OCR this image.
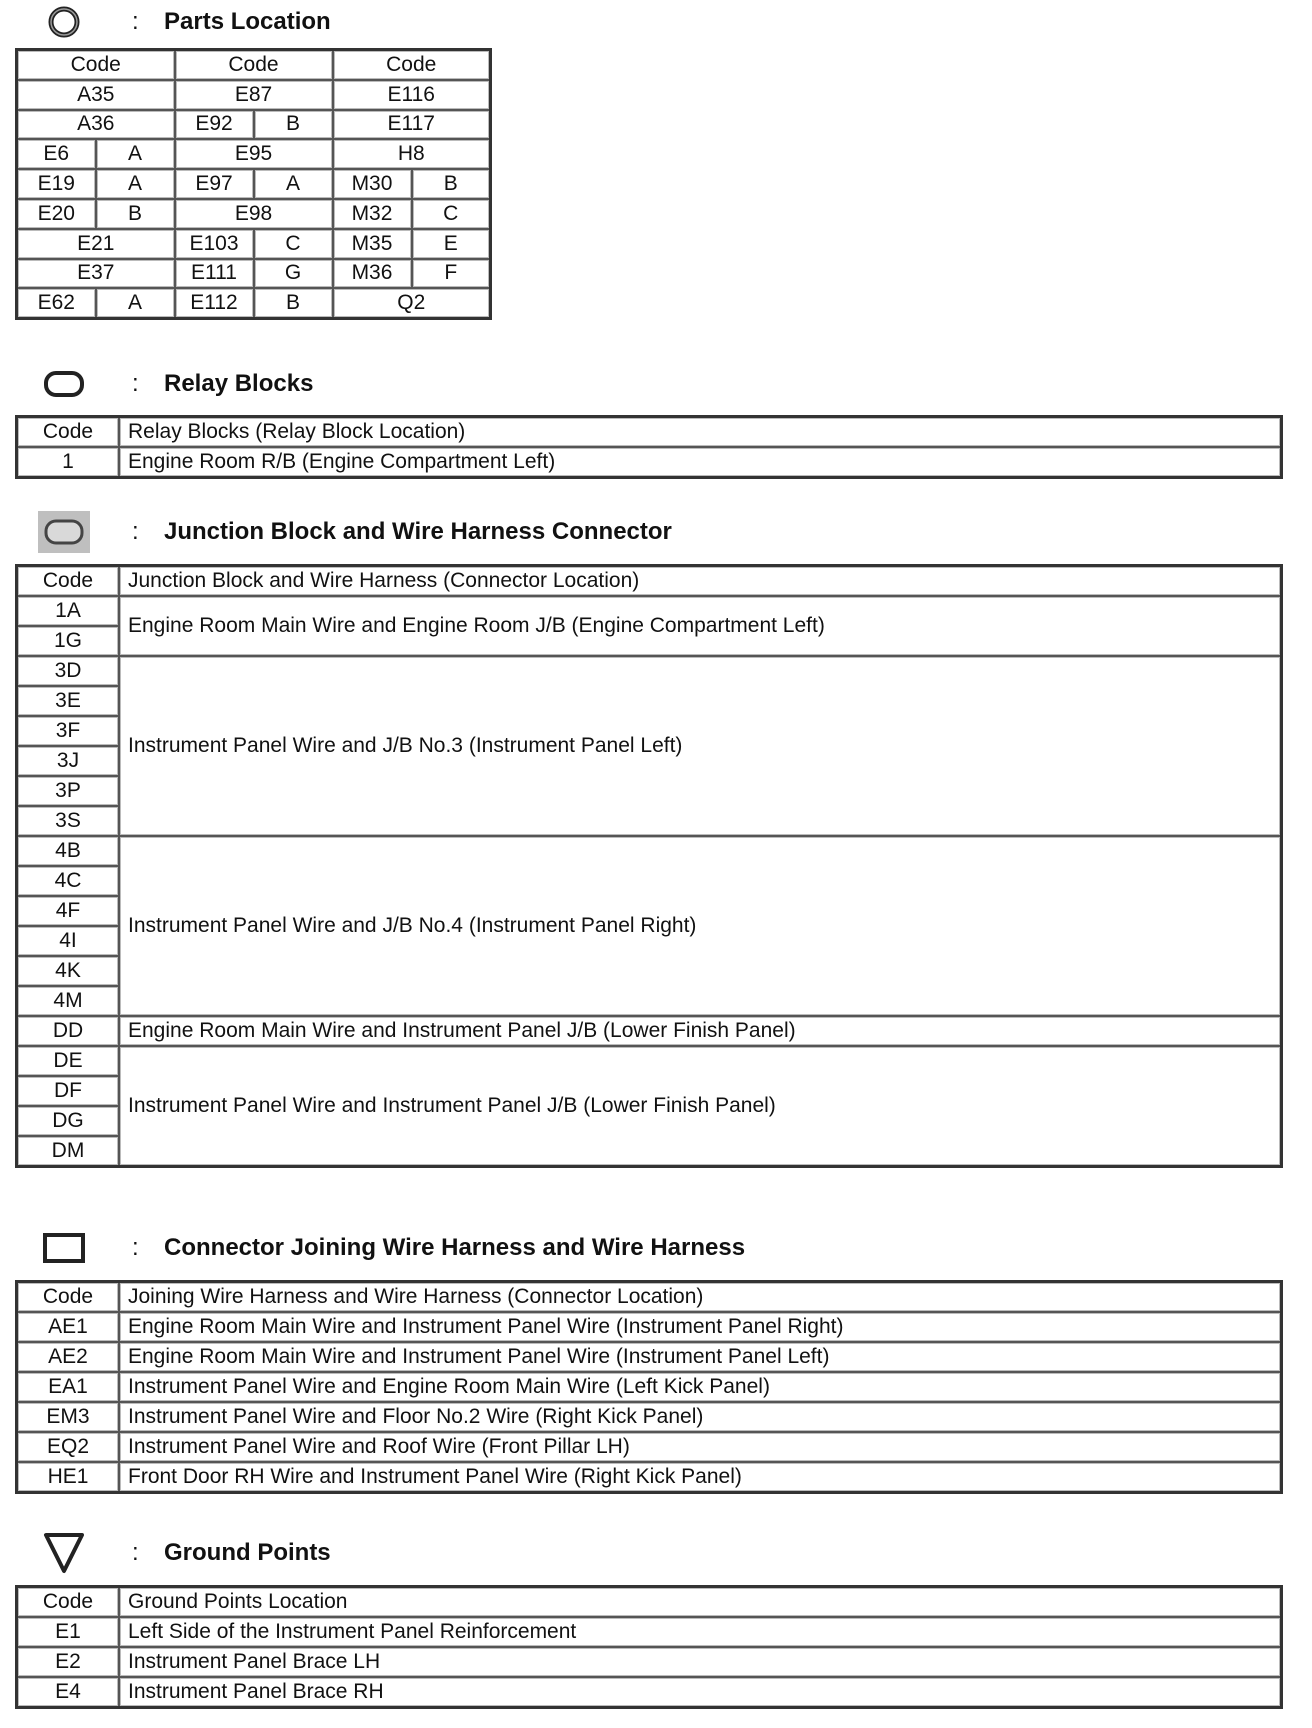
:	Parts Location
Code		Code		Code	
A35		E87		E116	
A36		E92	B	E117	
E6	A	E95		H8	
E19	A	E97	A	M30	B
E20	B	E98		M32	C
E21		E103	C	M35	E
E37		E111	G	M36	F
E62	A	E112	B	Q2	
:	Relay Blocks
Code	Relay Blocks (Relay Block Location)
1	Engine Room R/B (Engine Compartment Left)
:	Junction Block and Wire Harness Connector
Code	Junction Block and Wire Harness (Connector Location)
1A	Engine Room Main Wire and Engine Room J/B (Engine Compartment Left)
1G	
3D	Instrument Panel Wire and J/B No.3 (Instrument Panel Left)
3E	
3F	
3J	
3P	
3S	
4B	Instrument Panel Wire and J/B No.4 (Instrument Panel Right)
4C	
4F	
4I	
4K	
4M	
DD	Engine Room Main Wire and Instrument Panel J/B (Lower Finish Panel)
DE	Instrument Panel Wire and Instrument Panel J/B (Lower Finish Panel)
DF	
DG	
DM	
:	Connector Joining Wire Harness and Wire Harness
Code	Joining Wire Harness and Wire Harness (Connector Location)
AE1	Engine Room Main Wire and Instrument Panel Wire (Instrument Panel Right)
AE2	Engine Room Main Wire and Instrument Panel Wire (Instrument Panel Left)
EA1	Instrument Panel Wire and Engine Room Main Wire (Left Kick Panel)
EM3	Instrument Panel Wire and Floor No.2 Wire (Right Kick Panel)
EQ2	Instrument Panel Wire and Roof Wire (Front Pillar LH)
HE1	Front Door RH Wire and Instrument Panel Wire (Right Kick Panel)
:	Ground Points
Code	Ground Points Location
E1	Left Side of the Instrument Panel Reinforcement
E2	Instrument Panel Brace LH
E4	Instrument Panel Brace RH
